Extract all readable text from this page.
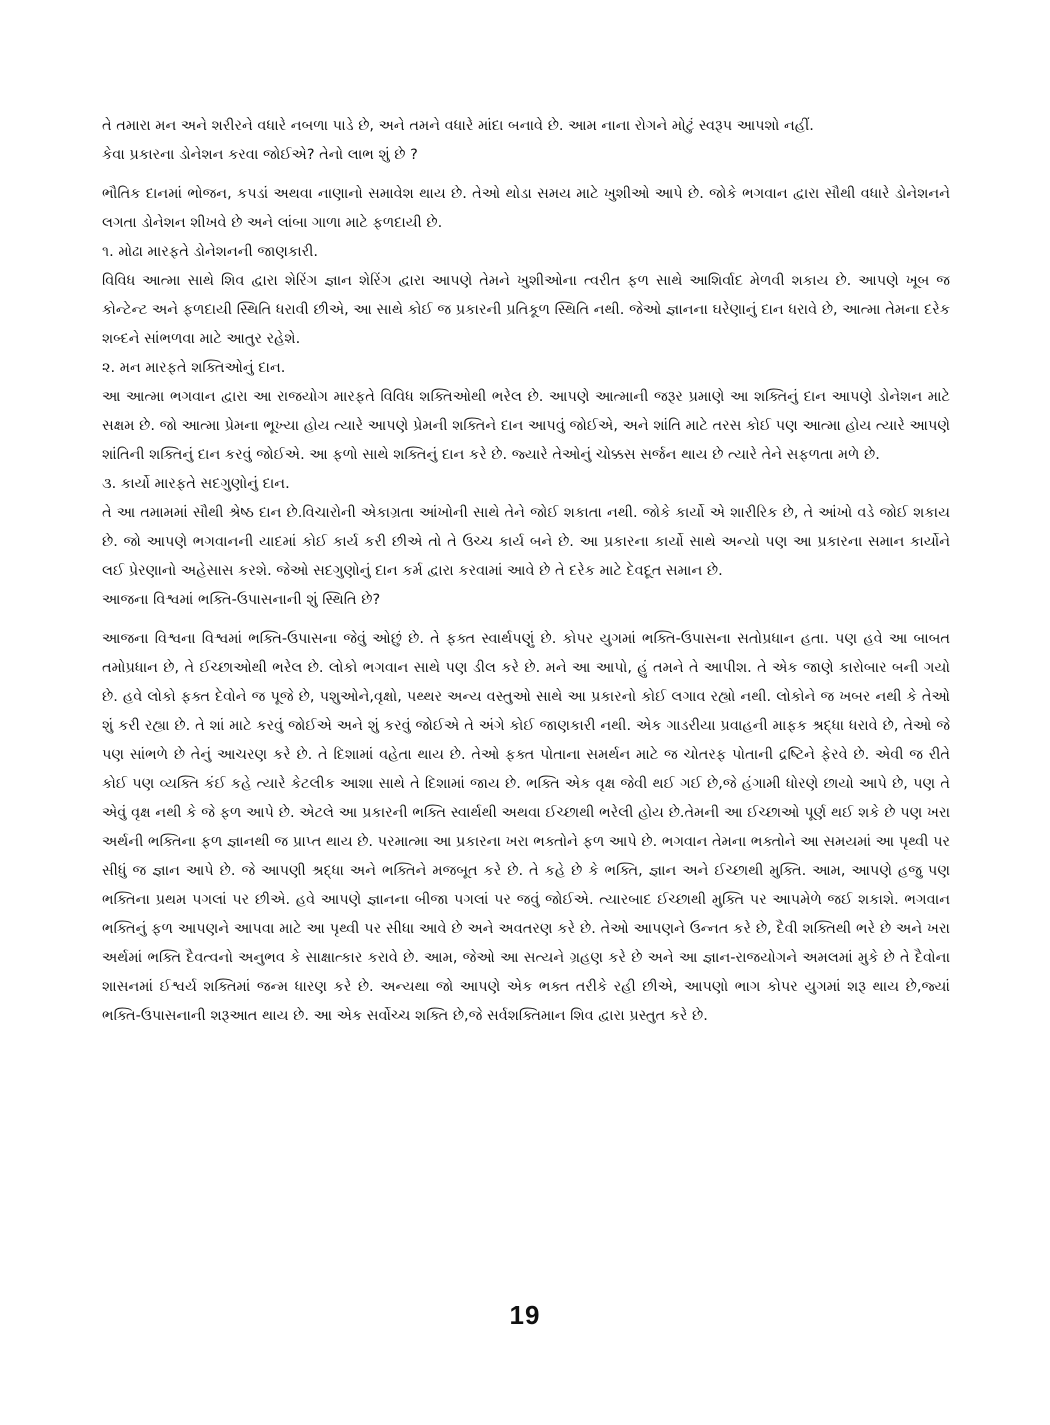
તે તમારા મન અને શરીરને વધારે નબળા પાડે છે, અને તમને વધારે માંદા બનાવે છે. આમ નાના રોગને મોટું સ્વરૂપ આપશો નહીં.

કેવા પ્રકારના ડોનેશન કરવા જોઈએ? તેનો લાભ શું છે ?

ભૌતિક દાનમાં ભોજન, કપડાં અથવા નાણાનો સમાવેશ થાય છે. તેઓ થોડા સમય માટે ખુશીઓ આપે છે. જોકે ભગવાન દ્વારા સૌથી વધારે ડોનેશનને લગતા ડોનેશન શીખવે છે અને લાંબા ગાળા માટે ફળદાયી છે.

૧. મોઢા મારફતે ડોનેશનની જાણકારી.

વિવિધ આત્મા સાથે શિવ દ્વારા શેરિંગ જ્ઞાન શેરિંગ દ્વારા આપણે તેમને ખુશીઓના ત્વરીત ફળ સાથે આશિર્વાદ મેળવી શકાય છે. આપણે ખૂબ જ કોન્ટેન્ટ અને ફળદાયી સ્થિતિ ધરાવી છીએ, આ સાથે કોઈ જ પ્રકારની પ્રતિકૂળ સ્થિતિ નથી. જેઓ જ્ઞાનના ઘરેણાનું દાન ધરાવે છે, આત્મા તેમના દરેક શબ્દને સાંભળવા માટે આતુર રહેશે.

૨. મન મારફતે શક્તિઓનું દાન.

આ આત્મા ભગવાન દ્વારા આ રાજયોગ મારફતે વિવિધ શક્તિઓથી ભરેલ છે. આપણે આત્માની જરૂર પ્રમાણે આ શક્તિનું દાન આપણે ડોનેશન માટે સક્ષમ છે. જો આત્મા પ્રેમના ભૂખ્યા હોય ત્યારે આપણે પ્રેમની શક્તિને દાન આપવું જોઈએ, અને શાંતિ માટે તરસ કોઈ પણ આત્મા હોય ત્યારે આપણે શાંતિની શક્તિનું દાન કરવું જોઈએ. આ ફળો સાથે શક્તિનું દાન કરે છે. જ્યારે તેઓનું ચોક્કસ સર્જન થાય છે ત્યારે તેને સફળતા મળે છે.

૩. કાર્યો મારફતે સદગુણોનું દાન.

તે આ તમામમાં સૌથી શ્રેષ્ઠ દાન છે.વિચારોની એકાગ્રતા આંખોની સાથે તેને જોઈ શકાતા નથી. જોકે કાર્યો એ શારીરિક છે, તે આંખો વડે જોઈ શકાય છે. જો આપણે ભગવાનની યાદમાં કોઈ કાર્ય કરી છીએ તો તે ઉચ્ચ કાર્ય બને છે. આ પ્રકારના કાર્યો સાથે અન્યો પણ આ પ્રકારના સમાન કાર્યોને લઈ પ્રેરણાનો અહેસાસ કરશે. જેઓ સદગુણોનું દાન કર્મ દ્વારા કરવામાં આવે છે તે દરેક માટે દેવદૂત સમાન છે.

આજના વિશ્વમાં ભક્તિ-ઉપાસનાની શું સ્થિતિ છે?

આજના વિશ્વના વિશ્વમાં ભક્તિ-ઉપાસના જેવું ઓછું છે. તે ફક્ત સ્વાર્થપણું છે. કોપર યુગમાં ભક્તિ-ઉપાસના સતોપ્રધાન હતા. પણ હવે આ બાબત તમોપ્રધાન છે, તે ઈચ્છાઓથી ભરેલ છે. લોકો ભગવાન સાથે પણ ડીલ કરે છે. મને આ આપો, હું તમને તે આપીશ. તે એક જાણે કારોબાર બની ગયો છે. હવે લોકો ફક્ત દેવોને જ પૂજે છે, પશુઓને,વૃક્ષો, પથ્થર અન્ય વસ્તુઓ સાથે આ પ્રકારનો કોઈ લગાવ રહ્યો નથી. લોકોને જ ખબર નથી કે તેઓ શું કરી રહ્યા છે. તે શાં માટે કરવું જોઈએ અને શું કરવું જોઈએ તે અંગે કોઈ જાણકારી નથી. એક ગાડરીયા પ્રવાહની માફક શ્રદ્ધા ધરાવે છે, તેઓ જે પણ સાંભળે છે તેનું આચરણ કરે છે. તે દિશામાં વહેતા થાય છે. તેઓ ફક્ત પોતાના સમર્થન માટે જ ચોતરફ પોતાની દ્રષ્ટિને ફેરવે છે. એવી જ રીતે કોઈ પણ વ્યક્તિ કંઈ કહે ત્યારે કેટલીક આશા સાથે તે દિશામાં જાય છે. ભક્તિ એક વૃક્ષ જેવી થઈ ગઈ છે,જે હંગામી ધોરણે છાયો આપે છે, પણ તે એવું વૃક્ષ નથી કે જે ફળ આપે છે. એટલે આ પ્રકારની ભક્તિ સ્વાર્થથી અથવા ઈચ્છાથી ભરેલી હોય છે.તેમની આ ઈચ્છાઓ પૂર્ણ થઈ શકે છે પણ ખરા અર્થની ભક્તિના ફળ જ્ઞાનથી જ પ્રાપ્ત થાય છે. પરમાત્મા આ પ્રકારના ખરા ભક્તોને ફળ આપે છે. ભગવાન તેમના ભક્તોને આ સમયમાં આ પૃથ્વી પર સીધું જ જ્ઞાન આપે છે. જે આપણી શ્રદ્ધા અને ભક્તિને મજબૂત કરે છે. તે કહે છે કે ભક્તિ, જ્ઞાન અને ઈચ્છાથી મુક્તિ. આમ, આપણે હજુ પણ ભક્તિના પ્રથમ પગલાં પર છીએ. હવે આપણે જ્ઞાનના બીજા પગલાં પર જવું જોઈએ. ત્યારબાદ ઈચ્છાથી મુક્તિ પર આપમેળે જઈ શકાશે. ભગવાન ભક્તિનું ફળ આપણને આપવા માટે આ પૃથ્વી પર સીધા આવે છે અને અવતરણ કરે છે. તેઓ આપણને ઉન્નત કરે છે, દૈવી શક્તિથી ભરે છે અને ખરા અર્થમાં ભક્તિ દૈવત્વનો અનુભવ કે સાક્ષાત્કાર કરાવે છે. આમ, જેઓ આ સત્યને ગ્રહણ કરે છે અને આ જ્ઞાન-રાજયોગને અમલમાં મુકે છે તે દૈવોના શાસનમાં ઈશ્વર્ય શક્તિમાં જન્મ ધારણ કરે છે. અન્યથા જો આપણે એક ભક્ત તરીકે રહી છીએ, આપણો ભાગ કોપર યુગમાં શરૂ થાય છે,જ્યાં ભક્તિ-ઉપાસનાની શરૂઆત થાય છે. આ એક સર્વોચ્ચ શક્તિ છે,જે સર્વશક્તિમાન શિવ દ્વારા પ્રસ્તુત કરે છે.

19
